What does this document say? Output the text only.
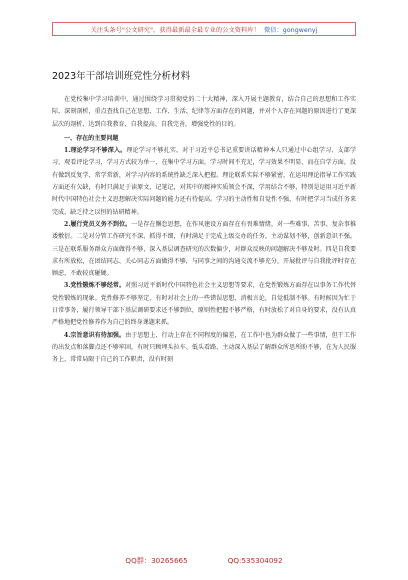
关注头条号"公文研究"，获得最新最全最专业的公文资料库！ 微信：gongwenyj
2023年干部培训班党性分析材料

在党校集中学习培训中，通过围绕学习贯彻党的二十大精神，深入开展主题教育，结合自己的思想和工作实际，深刻剖析，重点查找自己在思想、工作、生活、纪律等方面存在的问题，并对个人存在问题的原因进行了更深层次的剖析，达到自我教育、自我提高、自我完善，增强党性的目的。

一、存在的主要问题

1.理论学习不够深入。理论学习不够扎实，对于习近平总书记重要讲话精神本人只通过中心组学习、支部学习、观看评论学习，学习方式较为单一，在集中学习方面，学习时间不充足，学习效果不明显，而在自学方面，没有做到反复学、常学常新，对学习内容的系统性缺乏深入把握。理论联系实际不够紧密，在运用理论指导工作实践方面还有欠缺，有时只满足于读原文、记笔记，对其中的精神实质领会不深，学用结合不够，特别是运用习近平新时代中国特色社会主义思想解决实际问题的能力还有待提高。学习的主动性和自觉性不强，有时把学习当成任务来完成，缺乏持之以恒的钻研精神。

2.履行党员义务不到位。一是存在懈怠思想，在作风建设方面存在有畏难情绪，对一些难事、苦事、复杂事推诿敷衍。二是对分管工作研究不深、抓得不细，有时满足于完成上级交办的任务，主动谋划不够，创新意识不强。三是在联系服务群众方面做得不够，深入基层调查研究的次数偏少，对群众反映的问题解决不够及时。四是自我要求有所放松，在团结同志、关心同志方面做得不够，与同事之间的沟通交流不够充分，开展批评与自我批评时存在顾虑，不敢较真碰硬。

3.党性锻炼不够经常。对照习近平新时代中国特色社会主义思想等要求，在党性锻炼方面存在以事务工作代替党性锻炼的现象。党性修养不够坚定，有时对社会上的一些错误思想、消极言论，自觉抵制不够。有时候因为忙于日常事务，履行领导干部下基层调研要求还不够到位，原则性把握不够严格，有时放松了对自身的要求，没有认真严格地把党性修养作为自己的终身课题来抓。

4.宗旨意识有待加强。由于思想上、行动上存在不同程度的偏差，在工作中也为群众做了一些事情，但干工作的出发点和落脚点还不够牢固，有时只顾埋头拉车、低头看路，主动深入基层了解群众所思所盼不够，在为人民服务上，常常局限于自己的工作职责，没有时刻

QQ群：30265665	QQ:535304092
